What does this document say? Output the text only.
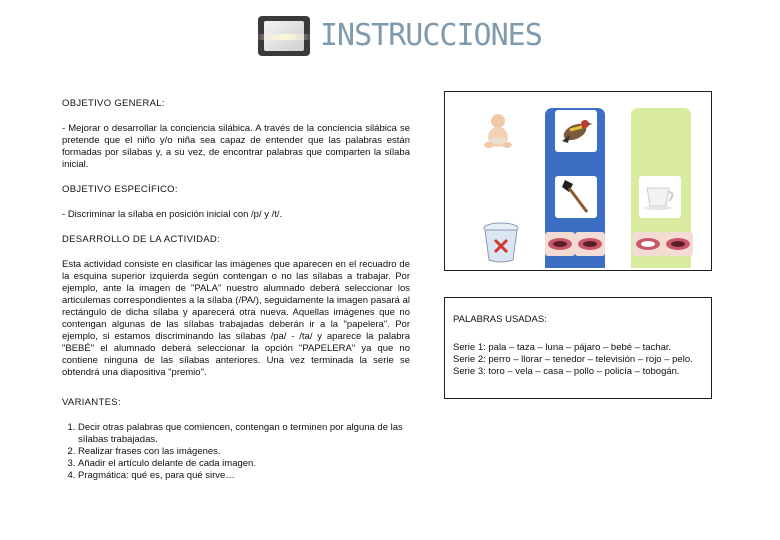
INSTRUCCIONES
OBJETIVO GENERAL:
- Mejorar o desarrollar la conciencia silábica. A través de la conciencia silábica se pretende que el niño y/o niña sea capaz de entender que las palabras están formadas por sílabas y, a su vez, de encontrar palabras que comparten la sílaba inicial.
OBJETIVO ESPECÍFICO:
- Discriminar la sílaba en posición inicial con /p/ y /t/.
DESARROLLO DE LA ACTIVIDAD:
Esta actividad consiste en clasificar las imágenes que aparecen en el recuadro de la esquina superior izquierda según contengan o no las sílabas a trabajar. Por ejemplo, ante la imagen de "PALA" nuestro alumnado deberá seleccionar los articulemas correspondientes a la sílaba (/PA/), seguidamente la imagen pasará al rectángulo de dicha sílaba y aparecerá otra nueva. Aquellas imágenes que no contengan algunas de las sílabas trabajadas deberán ir a la "papelera". Por ejemplo, si estamos discriminando las sílabas /pa/ - /ta/ y aparece la palabra "BEBÉ" el alumnado deberá seleccionar la opción "PAPELERA" ya que no contiene ninguna de las sílabas anteriores. Una vez terminada la serie se obtendrá una diapositiva "premio".
VARIANTES:
1. Decir otras palabras que comiencen, contengan o terminen por alguna de las sílabas trabajadas.
2. Realizar frases con las imágenes.
3. Añadir el artículo delante de cada imagen.
4. Pragmática: qué es, para qué sirve…
PALABRAS USADAS:
Serie 1: pala – taza – luna – pájaro – bebé – tachar.
Serie 2: perro – llorar – tenedor – televisión – rojo – pelo.
Serie 3: toro – vela – casa – pollo – policía – tobogán.
